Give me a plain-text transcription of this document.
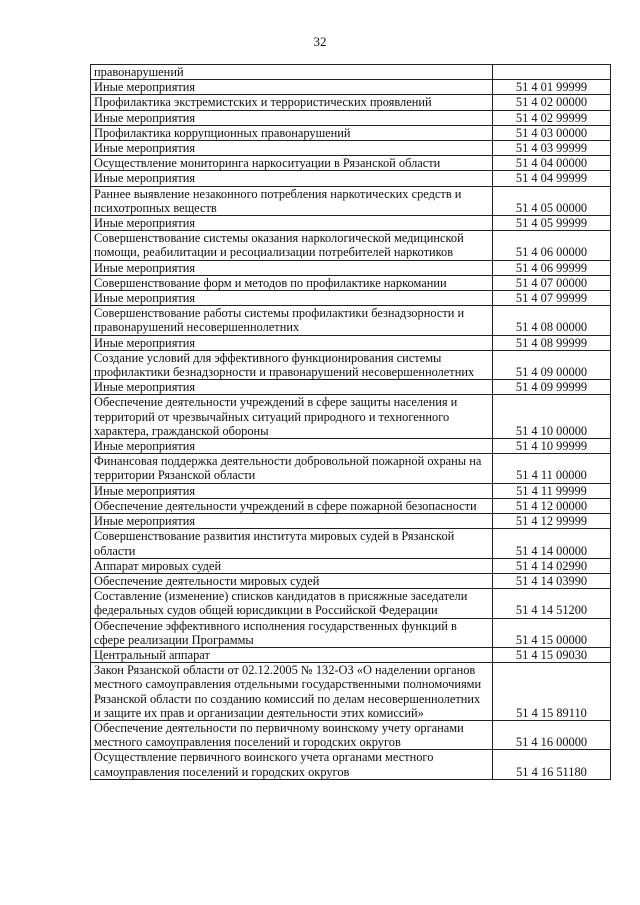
32
правонарушений	
Иные мероприятия	51 4 01 99999
Профилактика экстремистских и террористических проявлений	51 4 02 00000
Иные мероприятия	51 4 02 99999
Профилактика коррупционных правонарушений	51 4 03 00000
Иные мероприятия	51 4 03 99999
Осуществление мониторинга наркоситуации в Рязанской области	51 4 04 00000
Иные мероприятия	51 4 04 99999
Раннее выявление незаконного потребления наркотических средств и психотропных веществ	51 4 05 00000
Иные мероприятия	51 4 05 99999
Совершенствование системы оказания наркологической медицинской помощи, реабилитации и ресоциализации потребителей наркотиков	51 4 06 00000
Иные мероприятия	51 4 06 99999
Совершенствование форм и методов по профилактике наркомании	51 4 07 00000
Иные мероприятия	51 4 07 99999
Совершенствование работы системы профилактики безнадзорности и правонарушений несовершеннолетних	51 4 08 00000
Иные мероприятия	51 4 08 99999
Создание условий для эффективного функционирования системы профилактики безнадзорности и правонарушений несовершеннолетних	51 4 09 00000
Иные мероприятия	51 4 09 99999
Обеспечение деятельности учреждений в сфере защиты населения и территорий от чрезвычайных ситуаций природного и техногенного характера, гражданской обороны	51 4 10 00000
Иные мероприятия	51 4 10 99999
Финансовая поддержка деятельности добровольной пожарной охраны на территории Рязанской области	51 4 11 00000
Иные мероприятия	51 4 11 99999
Обеспечение деятельности учреждений в сфере пожарной безопасности	51 4 12 00000
Иные мероприятия	51 4 12 99999
Совершенствование развития института мировых судей в Рязанской области	51 4 14 00000
Аппарат мировых судей	51 4 14 02990
Обеспечение деятельности мировых судей	51 4 14 03990
Составление (изменение) списков кандидатов в присяжные заседатели федеральных судов общей юрисдикции в Российской Федерации	51 4 14 51200
Обеспечение эффективного исполнения государственных функций в сфере реализации Программы	51 4 15 00000
Центральный аппарат	51 4 15 09030
Закон Рязанской области от 02.12.2005 № 132-ОЗ «О наделении органов местного самоуправления отдельными государственными полномочиями Рязанской области по созданию комиссий по делам несовершеннолетних и защите их прав и организации деятельности этих комиссий»	51 4 15 89110
Обеспечение деятельности по первичному воинскому учету органами местного самоуправления поселений и городских округов	51 4 16 00000
Осуществление первичного воинского учета органами местного самоуправления поселений и городских округов	51 4 16 51180
